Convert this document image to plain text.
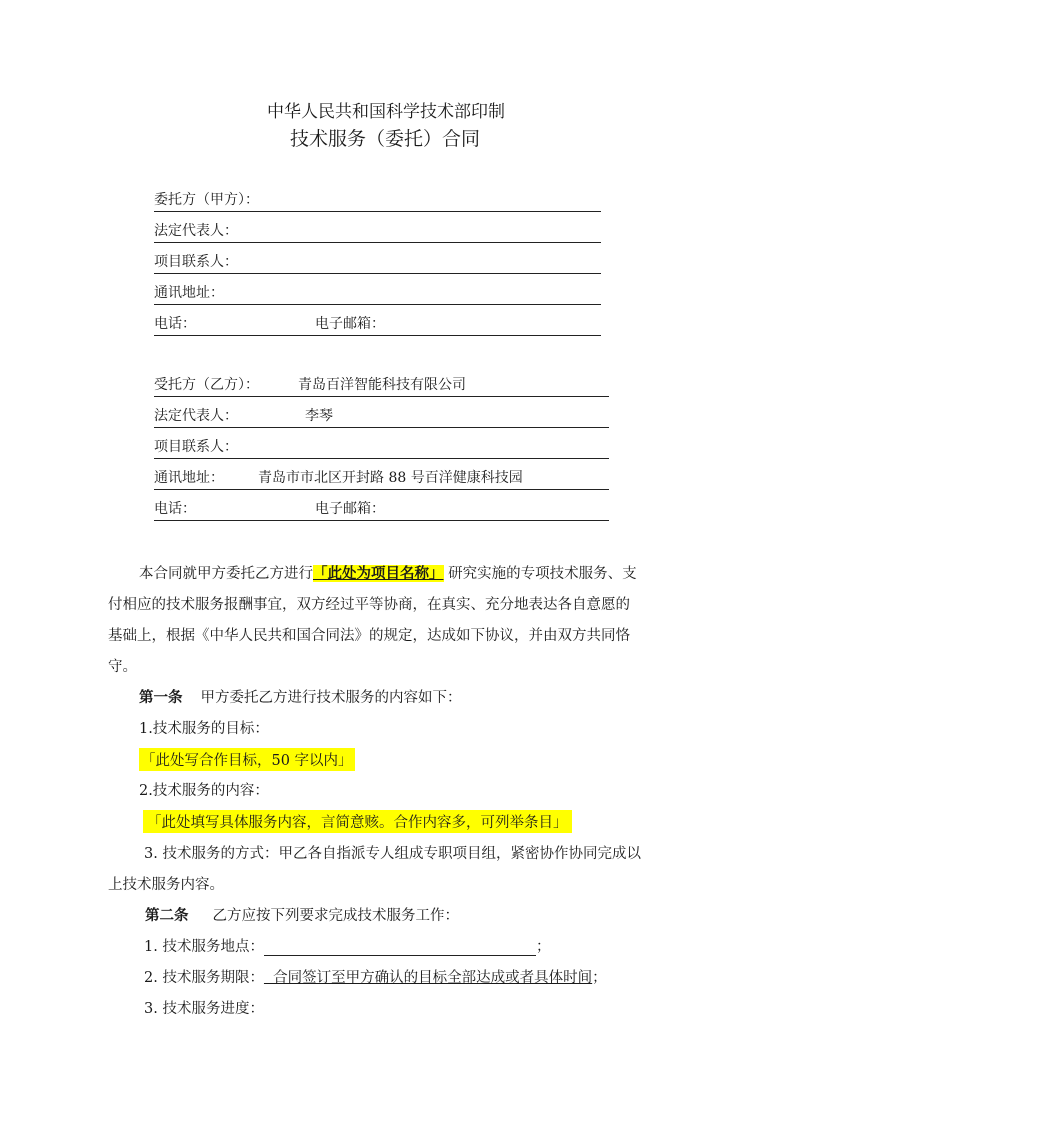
中华人民共和国科学技术部印制
技术服务（委托）合同
委托方（甲方）：
法定代表人：
项目联系人：
通讯地址：
电话：	电子邮箱：
受托方（乙方）：	青岛百洋智能科技有限公司
法定代表人：	李琴
项目联系人：
通讯地址： 青岛市市北区开封路 88 号百洋健康科技园
电话：	电子邮箱：
本合同就甲方委托乙方进行「此处为项目名称」 研究实施的专项技术服务、支
付相应的技术服务报酬事宜，双方经过平等协商，在真实、充分地表达各自意愿的
基础上，根据《中华人民共和国合同法》的规定，达成如下协议，并由双方共同恪
守。
第一条 甲方委托乙方进行技术服务的内容如下：
1.技术服务的目标：
「此处写合作目标，50 字以内」
2.技术服务的内容：
「此处填写具体服务内容，言简意赅。合作内容多，可列举条目」
3. 技术服务的方式：甲乙各自指派专人组成专职项目组，紧密协作协同完成以
上技术服务内容。
第二条 乙方应按下列要求完成技术服务工作：
1. 技术服务地点：	；
2. 技术服务期限：  合同签订至甲方确认的目标全部达成或者具体时间；
3. 技术服务进度：
